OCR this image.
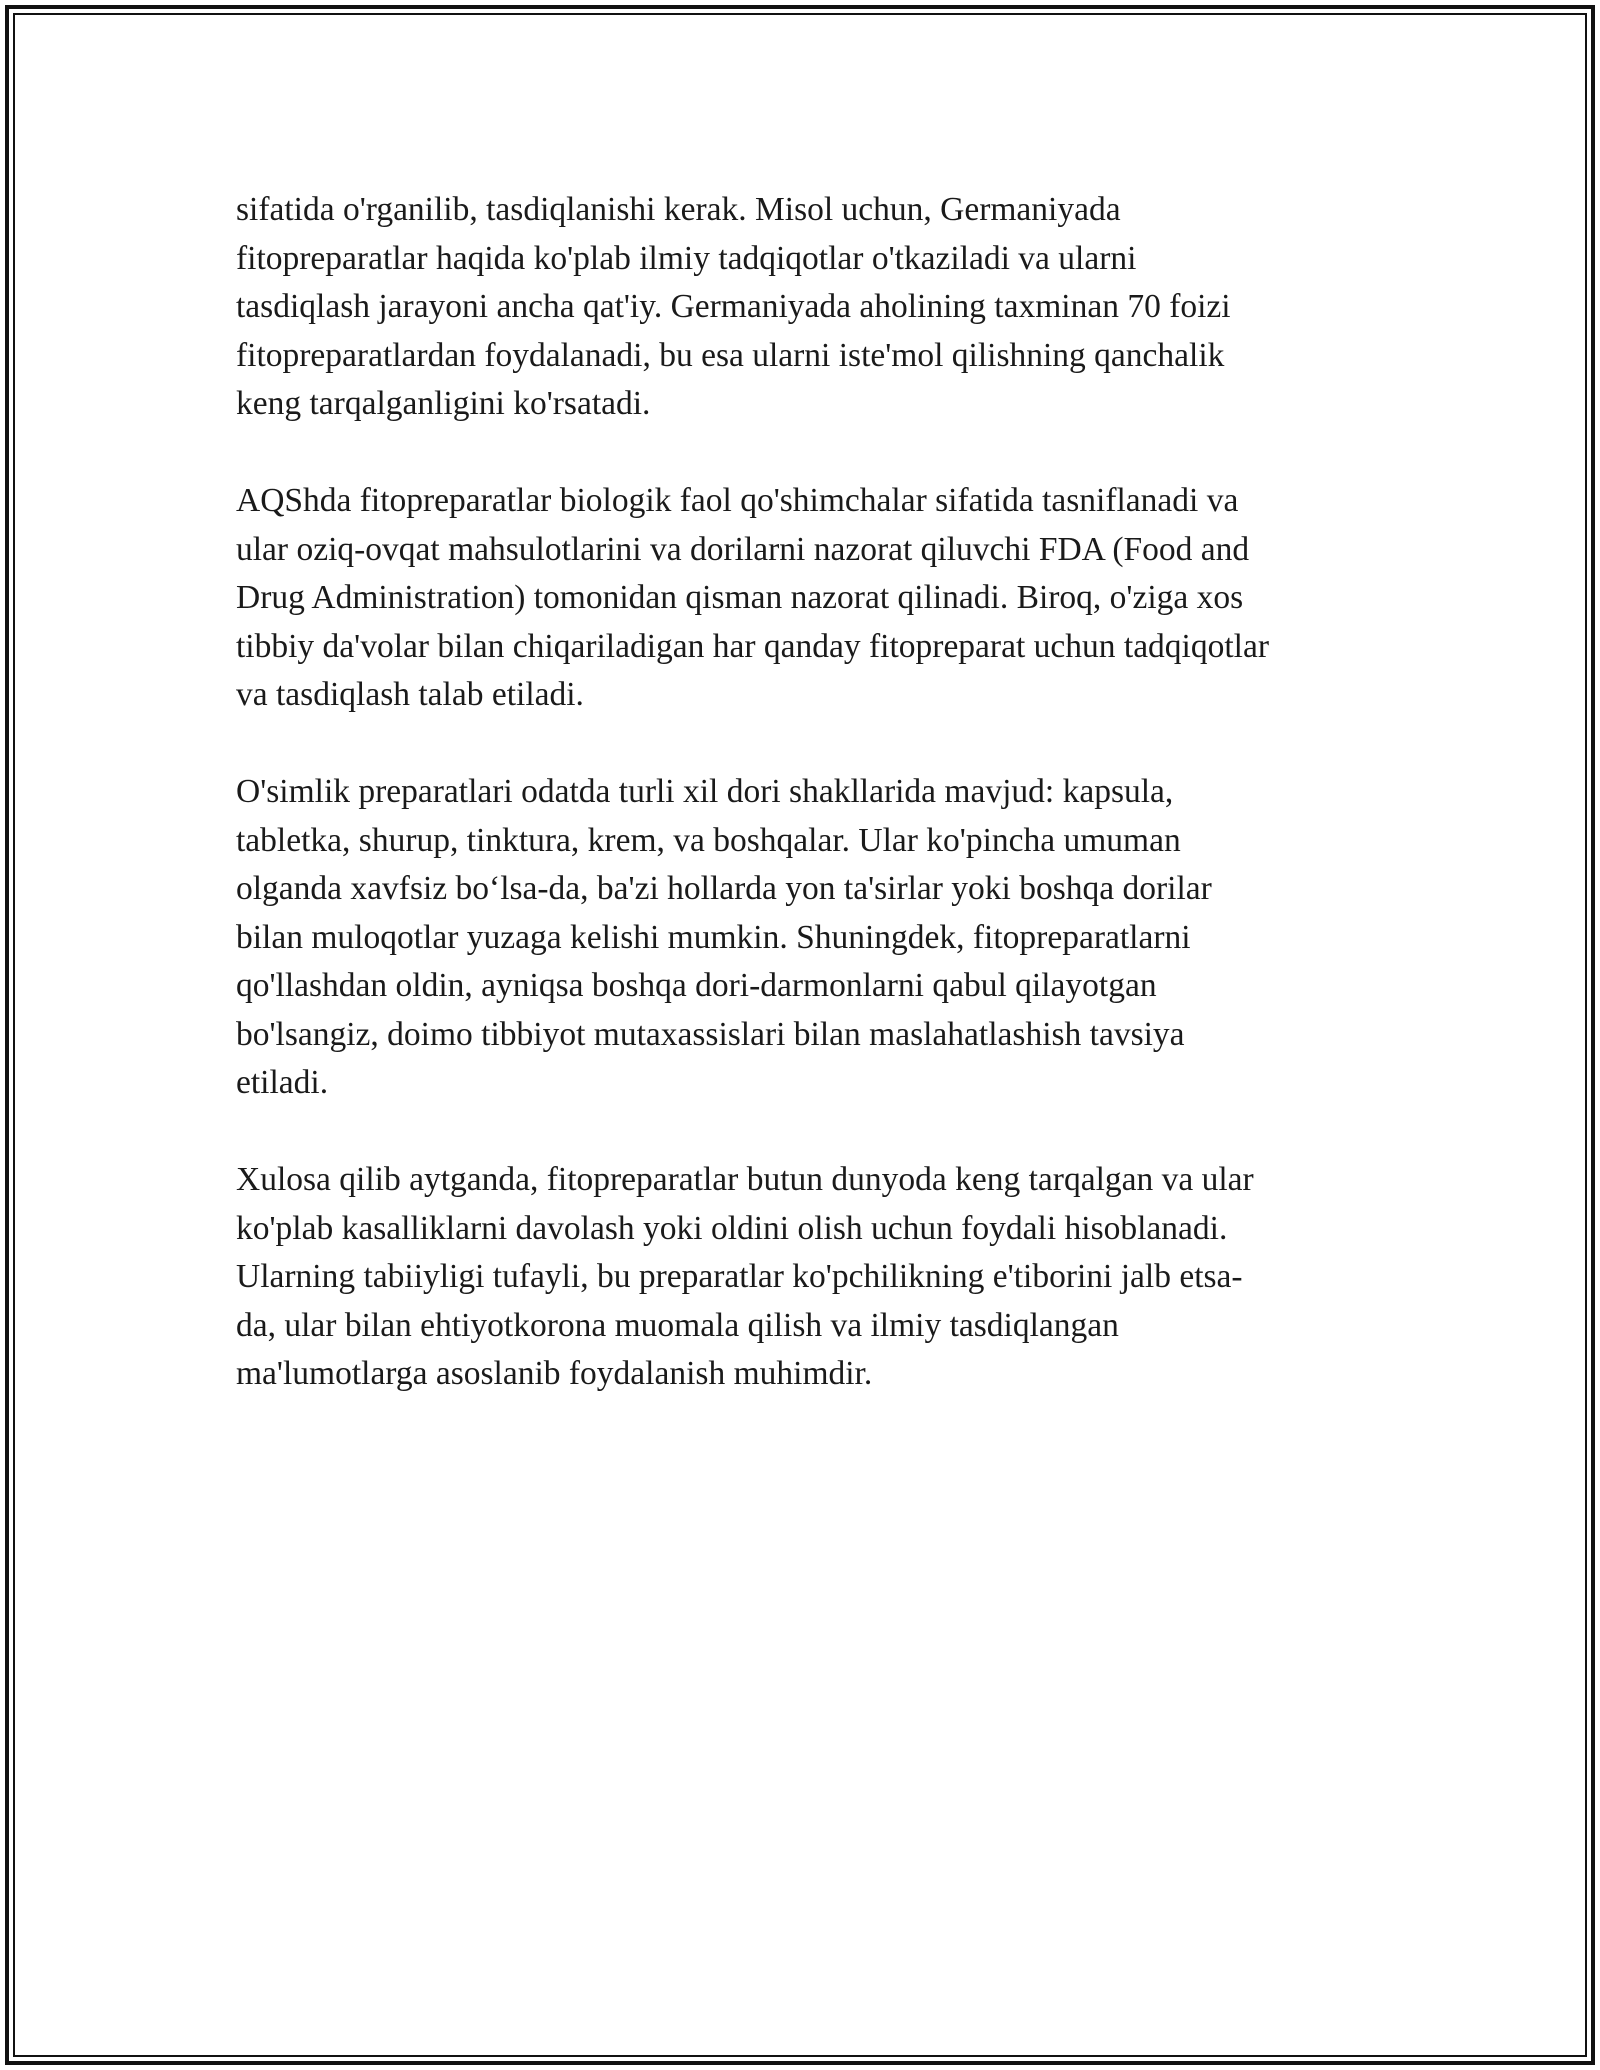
sifatida o'rganilib, tasdiqlanishi kerak. Misol uchun, Germaniyada
fitopreparatlar haqida ko'plab ilmiy tadqiqotlar o'tkaziladi va ularni
tasdiqlash jarayoni ancha qat'iy. Germaniyada aholining taxminan 70 foizi
fitopreparatlardan foydalanadi, bu esa ularni iste'mol qilishning qanchalik
keng tarqalganligini ko'rsatadi.

AQShda fitopreparatlar biologik faol qo'shimchalar sifatida tasniflanadi va
ular oziq-ovqat mahsulotlarini va dorilarni nazorat qiluvchi FDA (Food and
Drug Administration) tomonidan qisman nazorat qilinadi. Biroq, o'ziga xos
tibbiy da'volar bilan chiqariladigan har qanday fitopreparat uchun tadqiqotlar
va tasdiqlash talab etiladi.

O'simlik preparatlari odatda turli xil dori shakllarida mavjud: kapsula,
tabletka, shurup, tinktura, krem, va boshqalar. Ular ko'pincha umuman
olganda xavfsiz bo‘lsa-da, ba'zi hollarda yon ta'sirlar yoki boshqa dorilar
bilan muloqotlar yuzaga kelishi mumkin. Shuningdek, fitopreparatlarni
qo'llashdan oldin, ayniqsa boshqa dori-darmonlarni qabul qilayotgan
bo'lsangiz, doimo tibbiyot mutaxassislari bilan maslahatlashish tavsiya
etiladi.

Xulosa qilib aytganda, fitopreparatlar butun dunyoda keng tarqalgan va ular
ko'plab kasalliklarni davolash yoki oldini olish uchun foydali hisoblanadi.
Ularning tabiiyligi tufayli, bu preparatlar ko'pchilikning e'tiborini jalb etsa-
da, ular bilan ehtiyotkorona muomala qilish va ilmiy tasdiqlangan
ma'lumotlarga asoslanib foydalanish muhimdir.
